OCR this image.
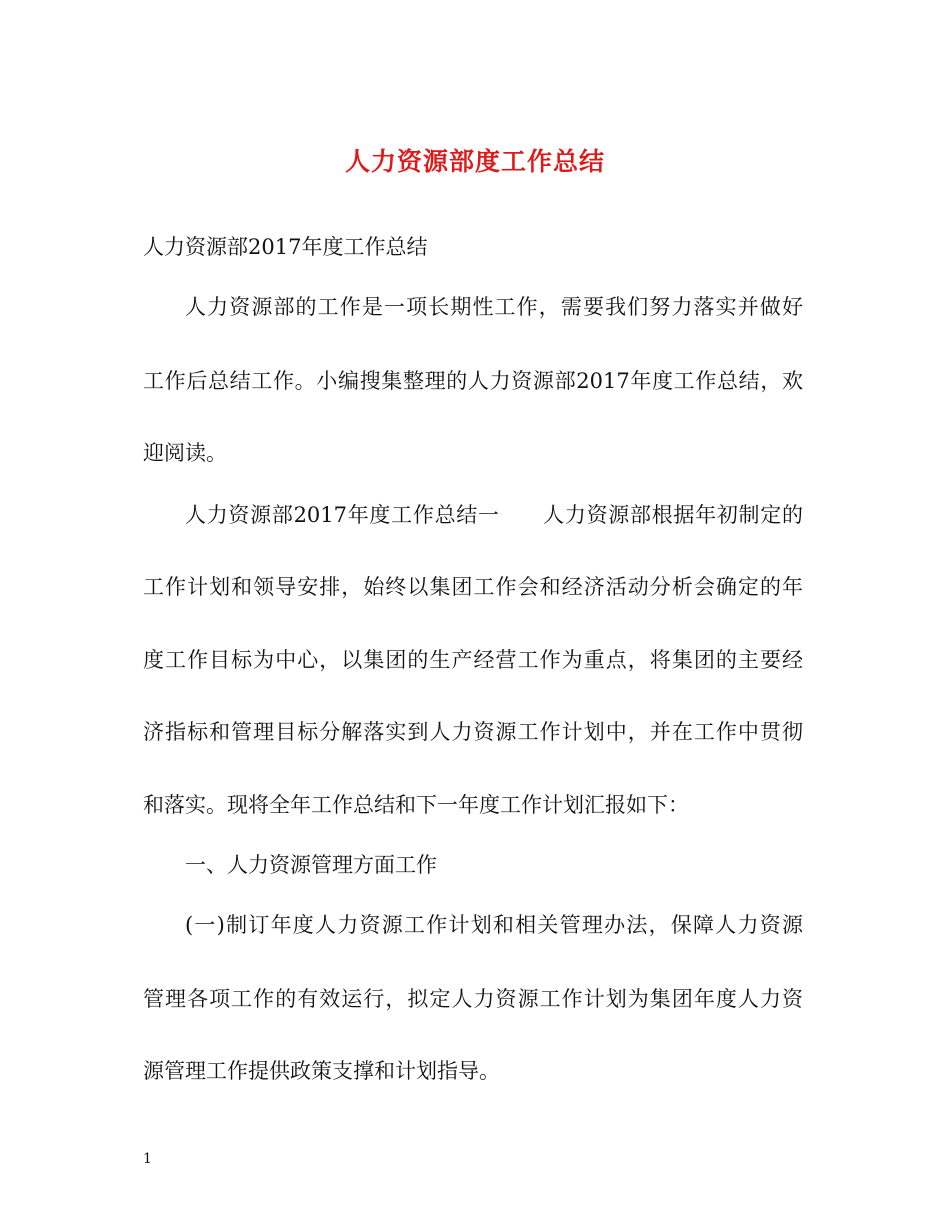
人力资源部度工作总结
人力资源部2017年度工作总结
人力资源部的工作是一项长期性工作，需要我们努力落实并做好
工作后总结工作。小编搜集整理的人力资源部2017年度工作总结，欢
迎阅读。
人力资源部2017年度工作总结一　　人力资源部根据年初制定的
工作计划和领导安排，始终以集团工作会和经济活动分析会确定的年
度工作目标为中心，以集团的生产经营工作为重点，将集团的主要经
济指标和管理目标分解落实到人力资源工作计划中，并在工作中贯彻
和落实。现将全年工作总结和下一年度工作计划汇报如下：
一、人力资源管理方面工作
(一)制订年度人力资源工作计划和相关管理办法，保障人力资源
管理各项工作的有效运行，拟定人力资源工作计划为集团年度人力资
源管理工作提供政策支撑和计划指导。
1
